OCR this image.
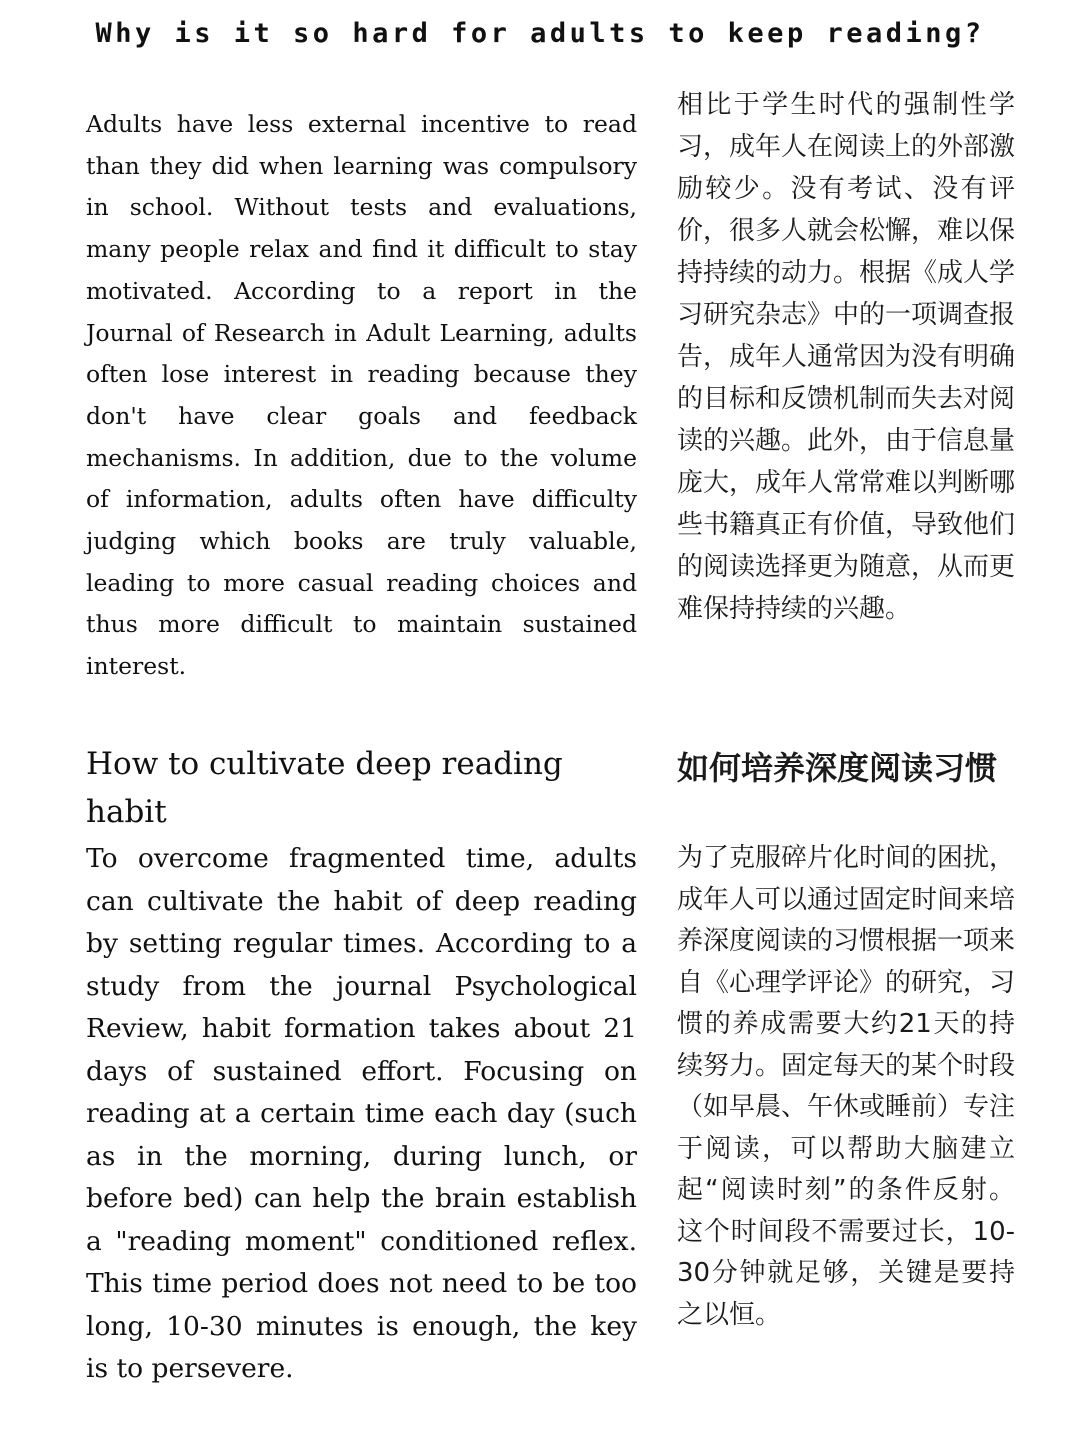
Why is it so hard for adults to keep reading?

Adults have less external incentive to read than they did when learning was compulsory in school. Without tests and evaluations, many people relax and find it difficult to stay motivated. According to a report in the Journal of Research in Adult Learning, adults often lose interest in reading because they don't have clear goals and feedback mechanisms. In addition, due to the volume of information, adults often have difficulty judging which books are truly valuable, leading to more casual reading choices and thus more difficult to maintain sustained interest.

相比于学生时代的强制性学习，成年人在阅读上的外部激励较少。没有考试、没有评价，很多人就会松懈，难以保持持续的动力。根据《成人学习研究杂志》中的一项调查报告，成年人通常因为没有明确的目标和反馈机制而失去对阅读的兴趣。此外，由于信息量庞大，成年人常常难以判断哪些书籍真正有价值，导致他们的阅读选择更为随意，从而更难保持持续的兴趣。

How to cultivate deep reading habit
如何培养深度阅读习惯

To overcome fragmented time, adults can cultivate the habit of deep reading by setting regular times. According to a study from the journal Psychological Review, habit formation takes about 21 days of sustained effort. Focusing on reading at a certain time each day (such as in the morning, during lunch, or before bed) can help the brain establish a "reading moment" conditioned reflex. This time period does not need to be too long, 10-30 minutes is enough, the key is to persevere.

为了克服碎片化时间的困扰，成年人可以通过固定时间来培养深度阅读的习惯根据一项来自《心理学评论》的研究，习惯的养成需要大约21天的持续努力。固定每天的某个时段（如早晨、午休或睡前）专注于阅读，可以帮助大脑建立起“阅读时刻”的条件反射。这个时间段不需要过长，10-30分钟就足够，关键是要持之以恒。
